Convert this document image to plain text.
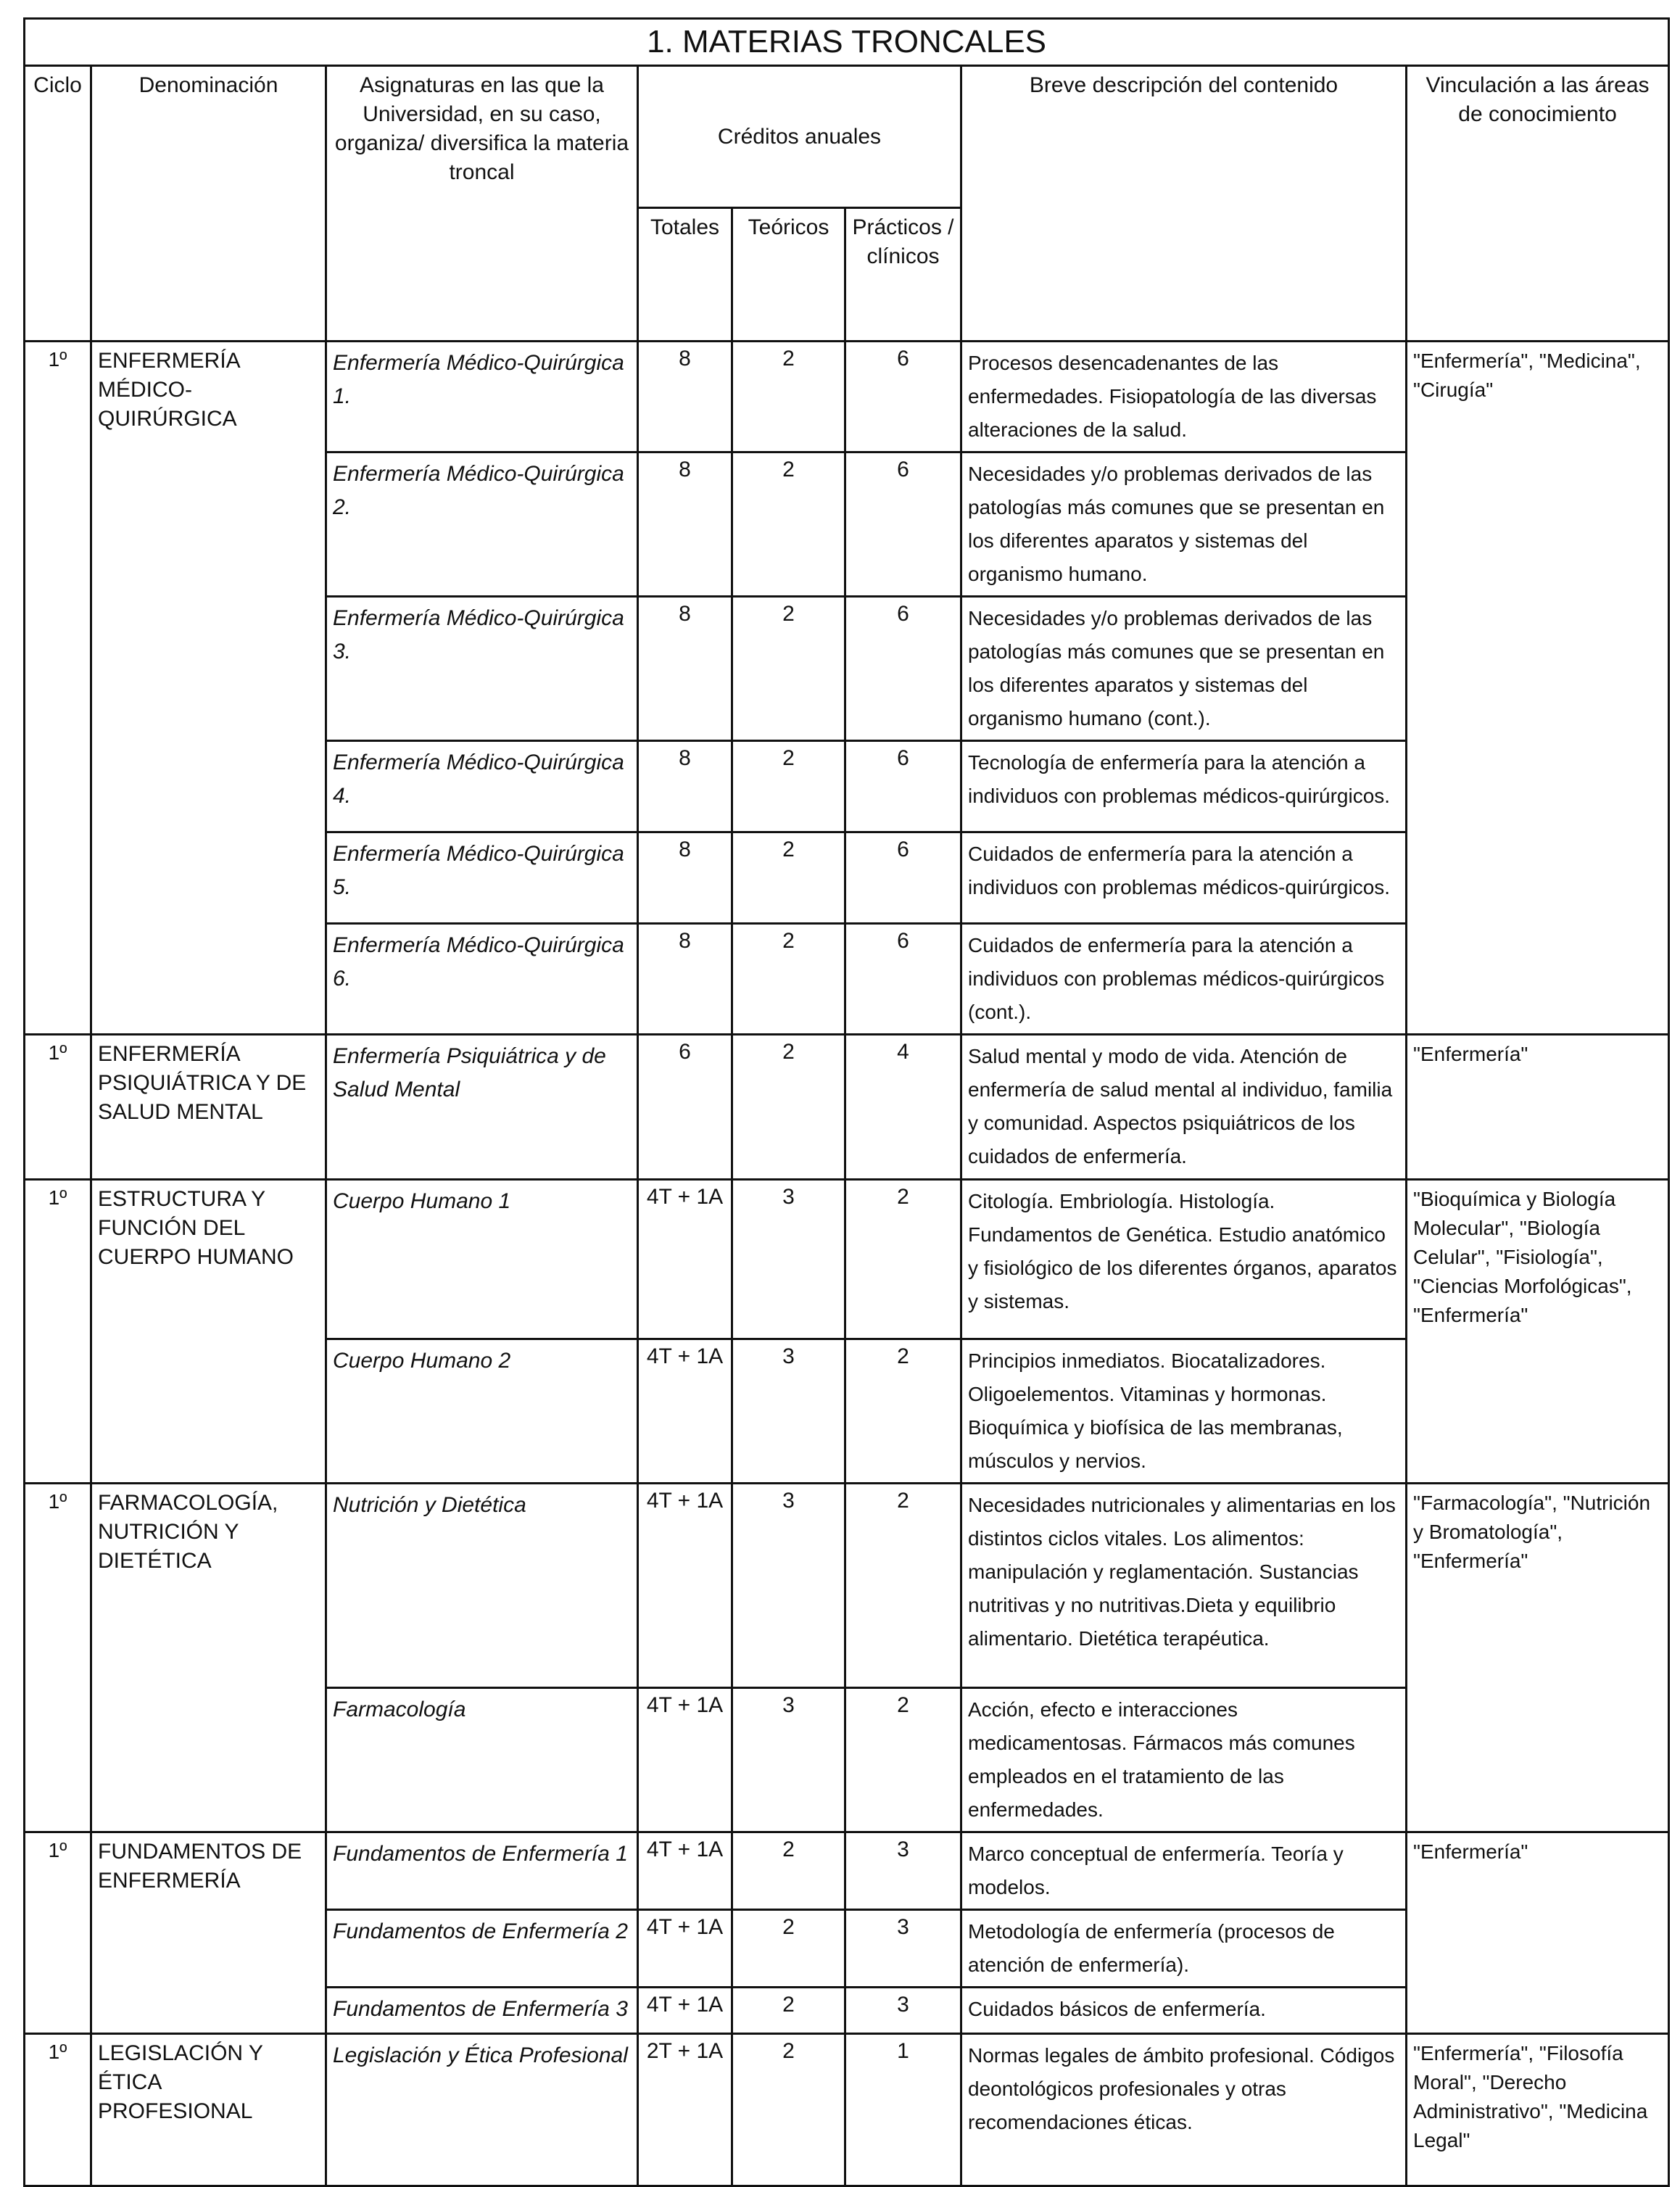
1. MATERIAS TRONCALES							
Ciclo	Denominación	Asignaturas en las que la Universidad, en su caso, organiza/ diversifica la materia troncal	Créditos anuales			Breve descripción del contenido	Vinculación a las áreas de conocimiento
			Totales	Teóricos	Prácticos / clínicos		
1º	ENFERMERÍA MÉDICO-QUIRÚRGICA	Enfermería Médico-Quirúrgica 1.	8	2	6	Procesos desencadenantes de las enfermedades. Fisiopatología de las diversas alteraciones de la salud.	"Enfermería", "Medicina", "Cirugía"
		Enfermería Médico-Quirúrgica 2.	8	2	6	Necesidades y/o problemas derivados de las patologías más comunes que se presentan en los diferentes aparatos y sistemas del organismo humano.	
		Enfermería Médico-Quirúrgica 3.	8	2	6	Necesidades y/o problemas derivados de las patologías más comunes que se presentan en los diferentes aparatos y sistemas del organismo humano (cont.).	
		Enfermería Médico-Quirúrgica 4.	8	2	6	Tecnología de enfermería para la atención a individuos con problemas médicos-quirúrgicos.	
		Enfermería Médico-Quirúrgica 5.	8	2	6	Cuidados de enfermería para la atención a individuos con problemas médicos-quirúrgicos.	
		Enfermería Médico-Quirúrgica 6.	8	2	6	Cuidados de enfermería para la atención a individuos con problemas médicos-quirúrgicos (cont.).	
1º	ENFERMERÍA PSIQUIÁTRICA Y DE SALUD MENTAL	Enfermería Psiquiátrica y de Salud Mental	6	2	4	Salud mental y modo de vida. Atención de enfermería de salud mental al individuo, familia y comunidad. Aspectos psiquiátricos de los cuidados de enfermería.	"Enfermería"
1º	ESTRUCTURA Y FUNCIÓN DEL CUERPO HUMANO	Cuerpo Humano 1	4T + 1A	3	2	Citología. Embriología. Histología. Fundamentos de Genética. Estudio anatómico y fisiológico de los diferentes órganos, aparatos y sistemas.	"Bioquímica y Biología Molecular", "Biología Celular", "Fisiología", "Ciencias Morfológicas", "Enfermería"
		Cuerpo Humano 2	4T + 1A	3	2	Principios inmediatos. Biocatalizadores. Oligoelementos. Vitaminas y hormonas. Bioquímica y biofísica de las membranas, músculos y nervios.	
1º	FARMACOLOGÍA, NUTRICIÓN Y DIETÉTICA	Nutrición y Dietética	4T + 1A	3	2	Necesidades nutricionales y alimentarias en los distintos ciclos vitales. Los alimentos: manipulación y reglamentación. Sustancias nutritivas y no nutritivas.Dieta y equilibrio alimentario. Dietética terapéutica.	"Farmacología", "Nutrición y Bromatología", "Enfermería"
		Farmacología	4T + 1A	3	2	Acción, efecto e interacciones medicamentosas. Fármacos más comunes empleados en el tratamiento de las enfermedades.	
1º	FUNDAMENTOS DE ENFERMERÍA	Fundamentos de Enfermería 1	4T + 1A	2	3	Marco conceptual de enfermería. Teoría y modelos.	"Enfermería"
		Fundamentos de Enfermería 2	4T + 1A	2	3	Metodología de enfermería (procesos de atención de enfermería).	
		Fundamentos de Enfermería 3	4T + 1A	2	3	Cuidados básicos de enfermería.	
1º	LEGISLACIÓN Y ÉTICA PROFESIONAL	Legislación y Ética Profesional	2T + 1A	2	1	Normas legales de ámbito profesional. Códigos deontológicos profesionales y otras recomendaciones éticas.	"Enfermería", "Filosofía Moral", "Derecho Administrativo", "Medicina Legal"
